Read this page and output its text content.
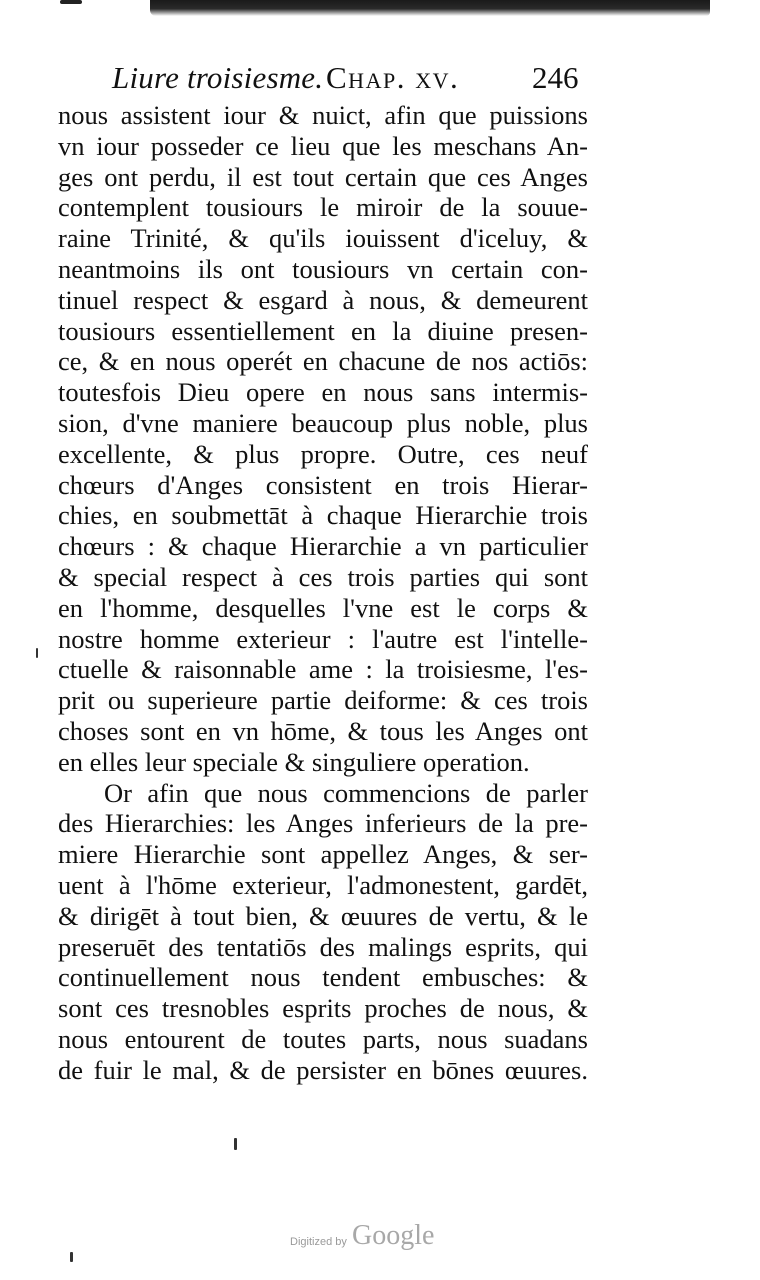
Liure troisiesme. Chap. xv. 246
nous assistent iour & nuict, afin que puissions
vn iour posseder ce lieu que les meschans An-
ges ont perdu, il est tout certain que ces Anges
contemplent tousiours le miroir de la souue-
raine Trinité, & qu'ils iouissent d'iceluy, &
neantmoins ils ont tousiours vn certain con-
tinuel respect & esgard à nous, & demeurent
tousiours essentiellement en la diuine presen-
ce, & en nous operét en chacune de nos actiōs:
toutesfois Dieu opere en nous sans intermis-
sion, d'vne maniere beaucoup plus noble, plus
excellente, & plus propre. Outre, ces neuf
chœurs d'Anges consistent en trois Hierar-
chies, en soubmettāt à chaque Hierarchie trois
chœurs : & chaque Hierarchie a vn particulier
& special respect à ces trois parties qui sont
en l'homme, desquelles l'vne est le corps &
nostre homme exterieur : l'autre est l'intelle-
ctuelle & raisonnable ame : la troisiesme, l'es-
prit ou superieure partie deiforme: & ces trois
choses sont en vn hōme, & tous les Anges ont
en elles leur speciale & singuliere operation.
Or afin que nous commencions de parler
des Hierarchies: les Anges inferieurs de la pre-
miere Hierarchie sont appellez Anges, & ser-
uent à l'hōme exterieur, l'admonestent, gardēt,
& dirigēt à tout bien, & œuures de vertu, & le
preseruēt des tentatiōs des malings esprits, qui
continuellement nous tendent embusches: &
sont ces tresnobles esprits proches de nous, &
nous entourent de toutes parts, nous suadans
de fuir le mal, & de persister en bōnes œuures.
Digitized by Google
